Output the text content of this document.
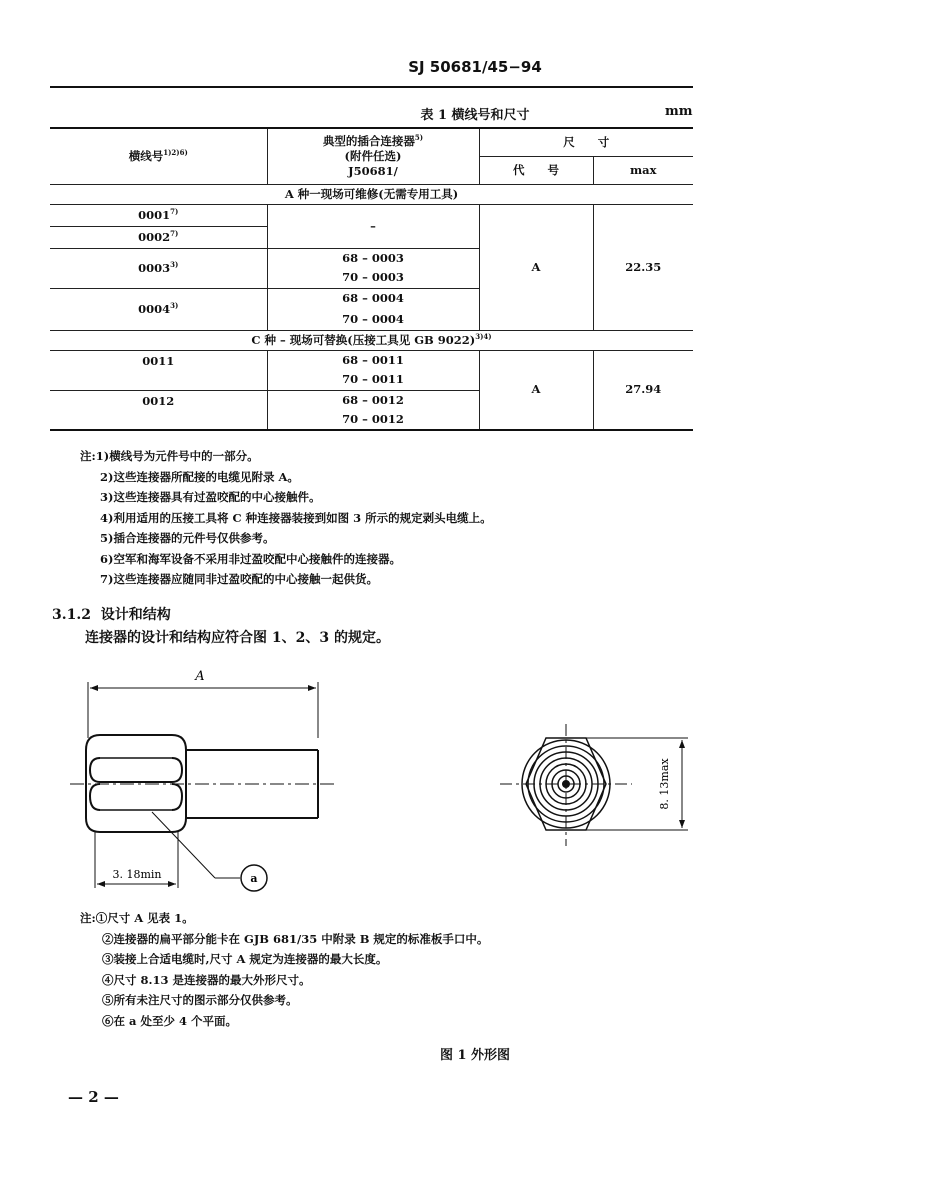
SJ 50681/45−94
表 1 横线号和尺寸	mm
横线号$^{1)2)6)}$	典型的插合连接器$^{5)}$
(附件任选)
J50681/	尺　　寸	
		代　　号	max
A 种一现场可维修(无需专用工具)			
0001$^{7)}$	–	A	22.35
0002$^{7)}$
0003$^{3)}$	68 – 0003		
	70 – 0003		
0004$^{3)}$	68 – 0004		
	70 – 0004		
C 种 – 现场可替换(压接工具见 GB 9022)$^{3)4)}$
0011	68 – 0011	A	27.94
	70 – 0011		
0012	68 – 0012		
	70 – 0012		
注:1)横线号为元件号中的一部分。
2)这些连接器所配接的电缆见附录 A。
3)这些连接器具有过盈咬配的中心接触件。
4)利用适用的压接工具将 C 种连接器装接到如图 3 所示的规定剥头电缆上。
5)插合连接器的元件号仅供参考。
6)空军和海军设备不采用非过盈咬配中心接触件的连接器。
7)这些连接器应随同非过盈咬配的中心接触一起供货。
3.1.2 设计和结构
连接器的设计和结构应符合图 1、2、3 的规定。
A
3. 18min	a
8. 13max
注:①尺寸 A 见表 1。
②连接器的扁平部分能卡在 GJB 681/35 中附录 B 规定的标准板手口中。
③装接上合适电缆时,尺寸 A 规定为连接器的最大长度。
④尺寸 8.13 是连接器的最大外形尺寸。
⑤所有未注尺寸的图示部分仅供参考。
⑥在 a 处至少 4 个平面。
图 1 外形图
— 2 —
